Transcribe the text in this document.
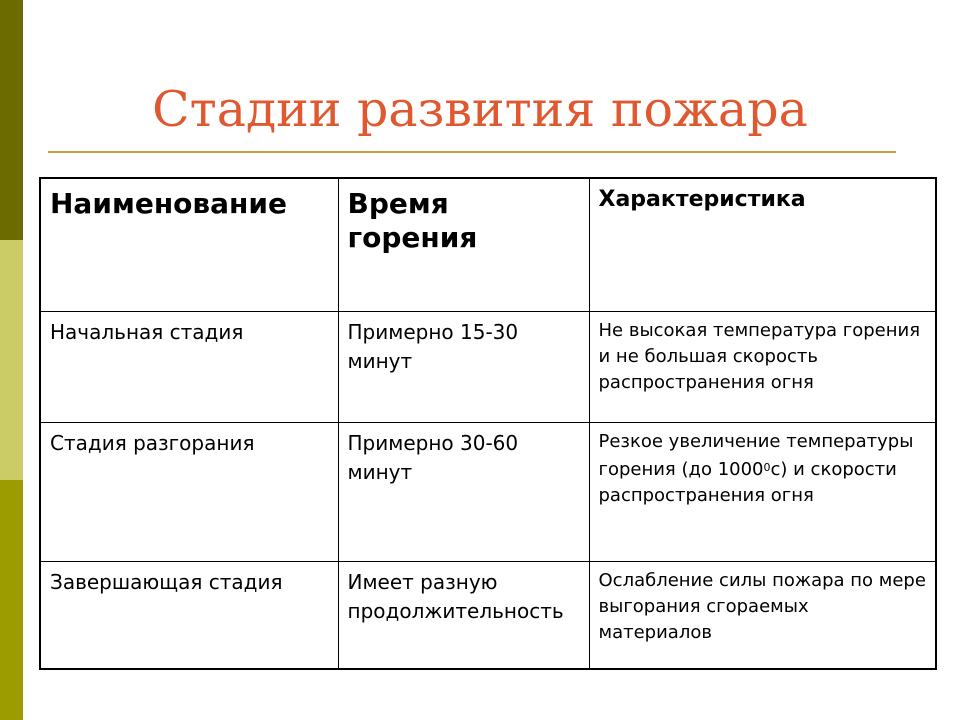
Стадии развития пожара
Наименование	Время горения	Характеристика

Начальная стадия	Примерно 15-30 минут	Не высокая температура горения и не большая скорость распространения огня

Стадия разгорания	Примерно 30-60 минут	Резкое увеличение температуры горения (до 1000$^0$с) и скорости распространения огня

Завершающая стадия	Имеет разную продолжительность	Ослабление силы пожара по мере выгорания сгораемых материалов
